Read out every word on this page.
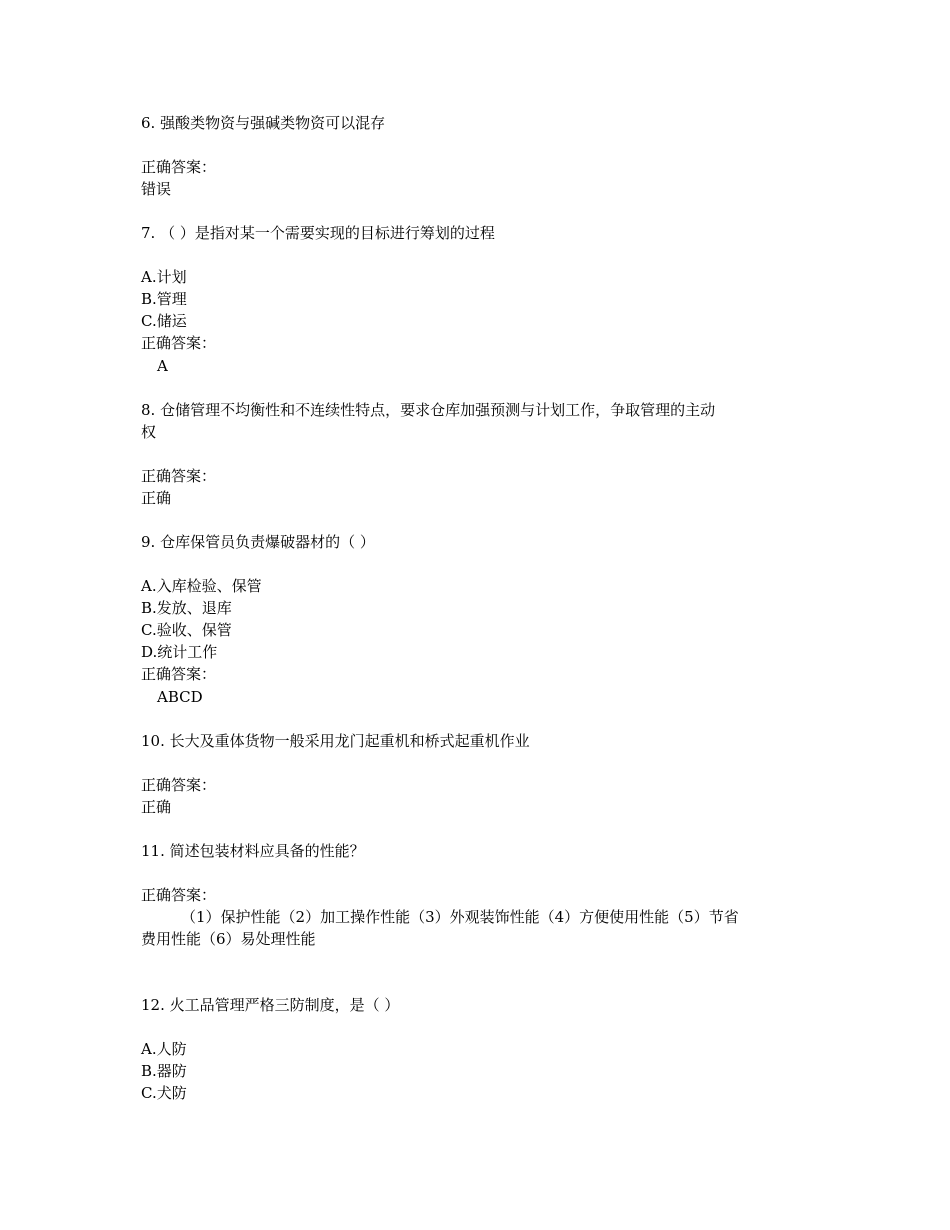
6. 强酸类物资与强碱类物资可以混存
正确答案：
错误
7. （ ）是指对某一个需要实现的目标进行筹划的过程
A.计划
B.管理
C.储运
正确答案：
A
8. 仓储管理不均衡性和不连续性特点，要求仓库加强预测与计划工作，争取管理的主动
权
正确答案：
正确
9. 仓库保管员负责爆破器材的（ ）
A.入库检验、保管
B.发放、退库
C.验收、保管
D.统计工作
正确答案：
ABCD
10. 长大及重体货物一般采用龙门起重机和桥式起重机作业
正确答案：
正确
11. 简述包装材料应具备的性能？
正确答案：
（1）保护性能（2）加工操作性能（3）外观装饰性能（4）方便使用性能（5）节省
费用性能（6）易处理性能
12. 火工品管理严格三防制度，是（ ）
A.人防
B.器防
C.犬防
